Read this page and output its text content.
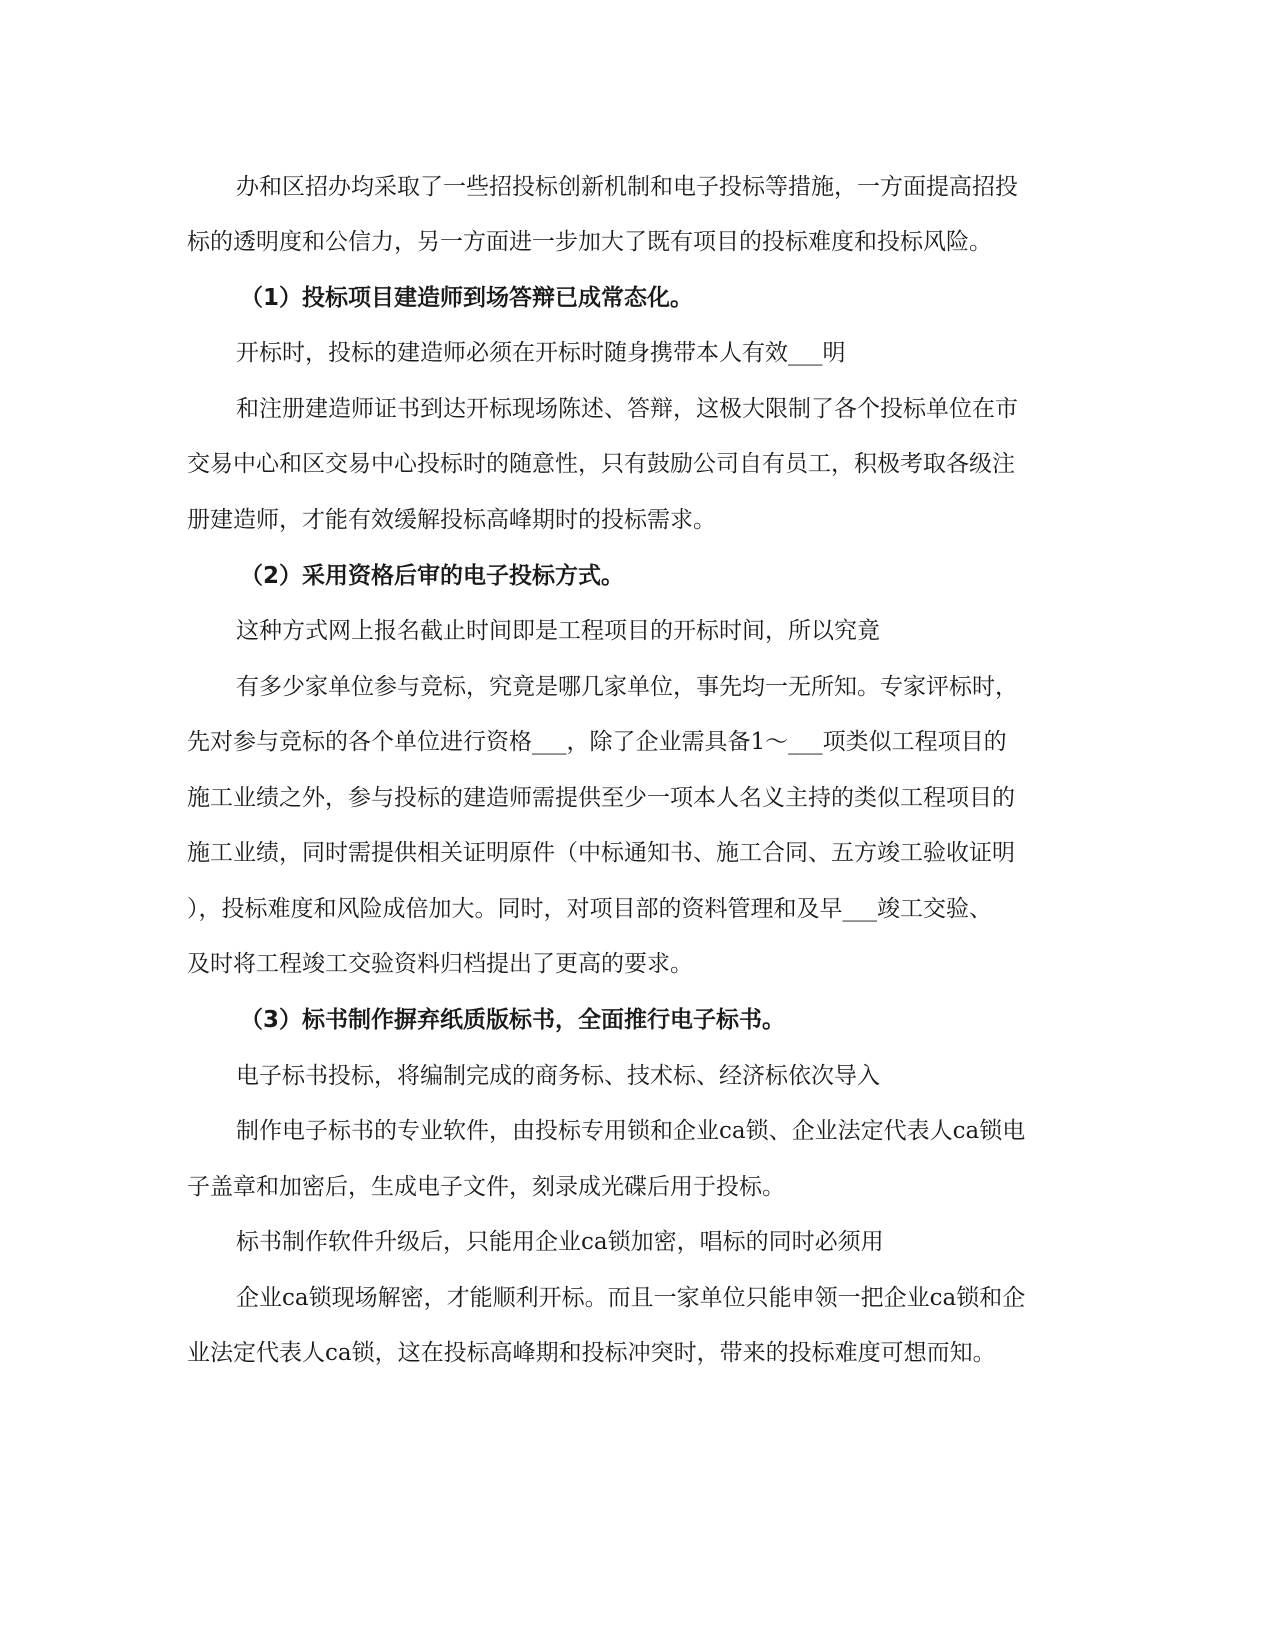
办和区招办均采取了一些招投标创新机制和电子投标等措施，一方面提高招投

标的透明度和公信力，另一方面进一步加大了既有项目的投标难度和投标风险。

（1）投标项目建造师到场答辩已成常态化。

开标时，投标的建造师必须在开标时随身携带本人有效___明

和注册建造师证书到达开标现场陈述、答辩，这极大限制了各个投标单位在市

交易中心和区交易中心投标时的随意性，只有鼓励公司自有员工，积极考取各级注

册建造师，才能有效缓解投标高峰期时的投标需求。

（2）采用资格后审的电子投标方式。

这种方式网上报名截止时间即是工程项目的开标时间，所以究竟

有多少家单位参与竞标，究竟是哪几家单位，事先均一无所知。专家评标时，

先对参与竞标的各个单位进行资格___，除了企业需具备1～___项类似工程项目的

施工业绩之外，参与投标的建造师需提供至少一项本人名义主持的类似工程项目的

施工业绩，同时需提供相关证明原件（中标通知书、施工合同、五方竣工验收证明

），投标难度和风险成倍加大。同时，对项目部的资料管理和及早___竣工交验、

及时将工程竣工交验资料归档提出了更高的要求。

（3）标书制作摒弃纸质版标书，全面推行电子标书。

电子标书投标，将编制完成的商务标、技术标、经济标依次导入

制作电子标书的专业软件，由投标专用锁和企业ca锁、企业法定代表人ca锁电

子盖章和加密后，生成电子文件，刻录成光碟后用于投标。

标书制作软件升级后，只能用企业ca锁加密，唱标的同时必须用

企业ca锁现场解密，才能顺利开标。而且一家单位只能申领一把企业ca锁和企

业法定代表人ca锁，这在投标高峰期和投标冲突时，带来的投标难度可想而知。
